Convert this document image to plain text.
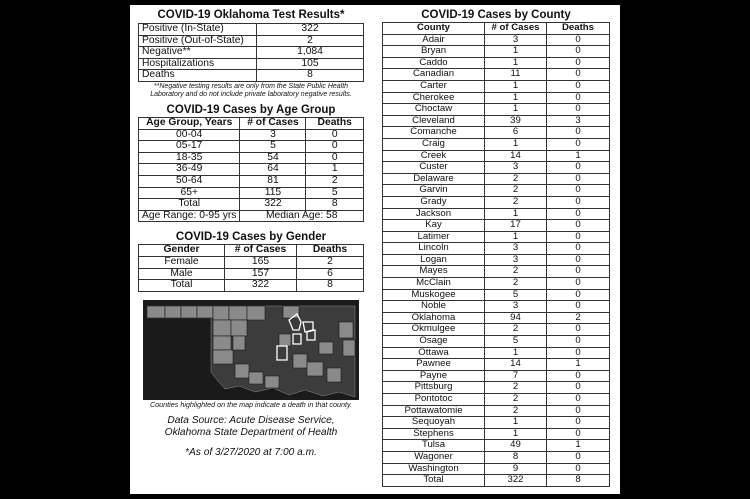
COVID-19 Oklahoma Test Results*
Positive (In-State)	322
Positive (Out-of-State)	2
Negative**	1,084
Hospitalizations	105
Deaths	8
**Negative testing results are only from the State Public Health Laboratory and do not include private laboratory negative results.
COVID-19 Cases by Age Group
Age Group, Years	# of Cases	Deaths
00-04	3	0
05-17	5	0
18-35	54	0
36-49	64	1
50-64	81	2
65+	115	5
Total	322	8
Age Range: 0-95 yrs	Median Age: 58	
COVID-19 Cases by Gender
Gender	# of Cases	Deaths
Female	165	2
Male	157	6
Total	322	8
Counties highlighted on the map indicate a death in that county.
Data Source: Acute Disease Service,
Oklahoma State Department of Health
*As of 3/27/2020 at 7:00 a.m.
COVID-19 Cases by County
County	# of Cases	Deaths
Adair	3	0
Bryan	1	0
Caddo	1	0
Canadian	11	0
Carter	1	0
Cherokee	1	0
Choctaw	1	0
Cleveland	39	3
Comanche	6	0
Craig	1	0
Creek	14	1
Custer	3	0
Delaware	2	0
Garvin	2	0
Grady	2	0
Jackson	1	0
Kay	17	0
Latimer	1	0
Lincoln	3	0
Logan	3	0
Mayes	2	0
McClain	2	0
Muskogee	5	0
Noble	3	0
Oklahoma	94	2
Okmulgee	2	0
Osage	5	0
Ottawa	1	0
Pawnee	14	1
Payne	7	0
Pittsburg	2	0
Pontotoc	2	0
Pottawatomie	2	0
Sequoyah	1	0
Stephens	1	0
Tulsa	49	1
Wagoner	8	0
Washington	9	0
Total	322	8
